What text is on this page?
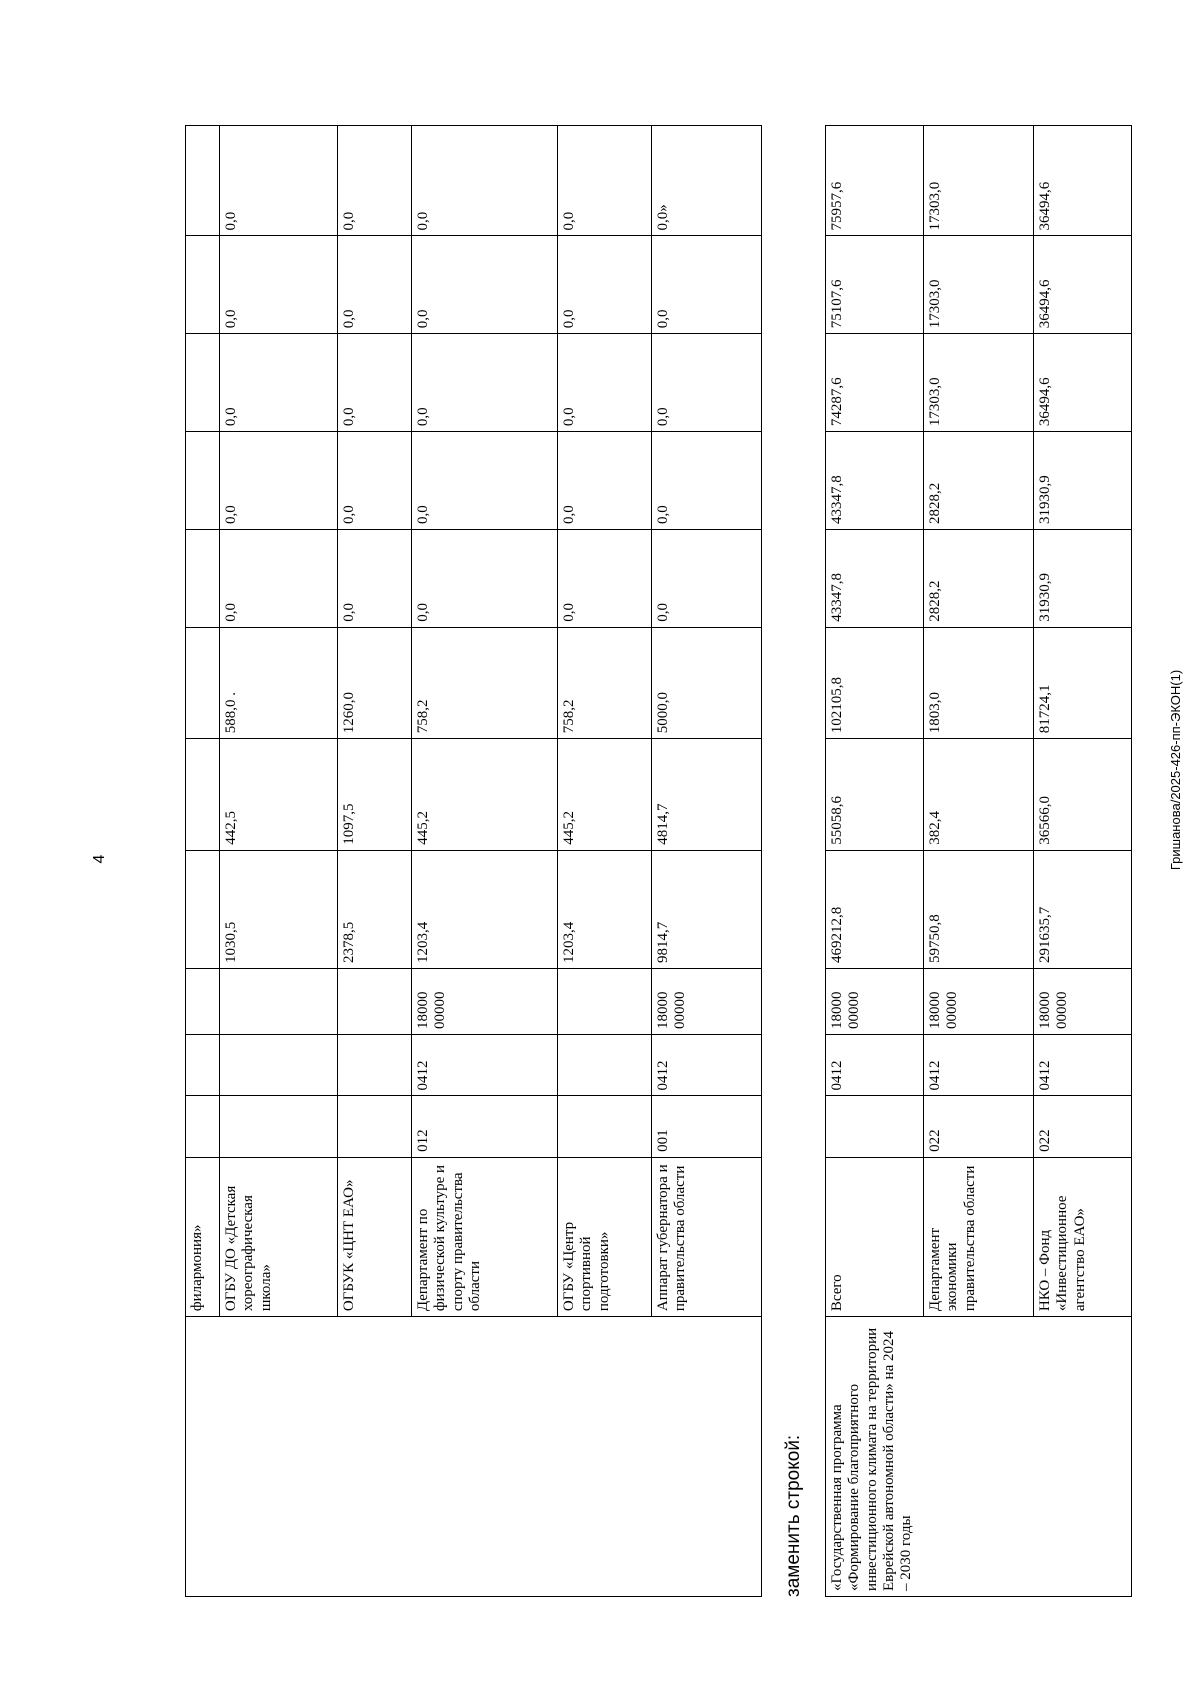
4	Гришанова/2025-426-пп-ЭКОН(1)
	филармония»											
	ОГБУ ДО «Детская хореографическая школа»				1030,5	442,5	588,0 .	0,0	0,0	0,0	0,0	0,0
	ОГБУК «ЦНТ ЕАО»				2378,5	1097,5	1260,0	0,0	0,0	0,0	0,0	0,0
	Департамент по физической культуре и спорту правительства области	012	0412	18000 00000	1203,4	445,2	758,2	0,0	0,0	0,0	0,0	0,0
	ОГБУ «Центр спортивной подготовки»				1203,4	445,2	758,2	0,0	0,0	0,0	0,0	0,0
	Аппарат губернатора и правительства области	001	0412	18000 00000	9814,7	4814,7	5000,0	0,0	0,0	0,0	0,0	0,0»
заменить строкой: «Государственная программа «Формирование благоприятного инвестиционного климата на территории Еврейской автономной области» на 2024 – 2030 годы	Всего		0412	18000 00000	469212,8	55058,6	102105,8	43347,8	43347,8	74287,6	75107,6	75957,6
	Департамент экономики правительства области	022	0412	18000 00000	59750,8	382,4	1803,0	2828,2	2828,2	17303,0	17303,0	17303,0
	НКО – Фонд «Инвестиционное агентство ЕАО»	022	0412	18000 00000	291635,7	36566,0	81724,1	31930,9	31930,9	36494,6	36494,6	36494,6
